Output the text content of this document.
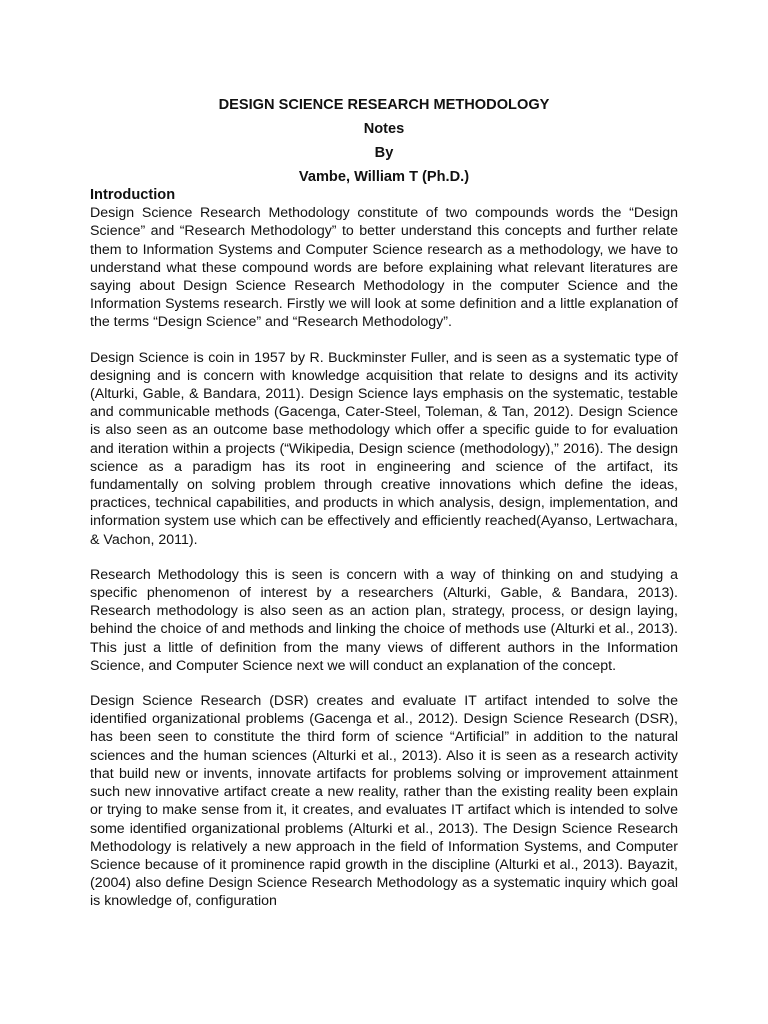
DESIGN SCIENCE RESEARCH METHODOLOGY
Notes
By
Vambe, William T (Ph.D.)
Introduction

Design Science Research Methodology constitute of two compounds words the “Design Science” and “Research Methodology” to better understand this concepts and further relate them to Information Systems and Computer Science research as a methodology, we have to understand what these compound words are before explaining what relevant literatures are saying about Design Science Research Methodology in the computer Science and the Information Systems research. Firstly we will look at some definition and a little explanation of the terms “Design Science” and “Research Methodology”.

Design Science is coin in 1957 by R. Buckminster Fuller, and is seen as a systematic type of designing and is concern with knowledge acquisition that relate to designs and its activity (Alturki, Gable, & Bandara, 2011). Design Science lays emphasis on the systematic, testable and communicable methods (Gacenga, Cater-Steel, Toleman, & Tan, 2012). Design Science is also seen as an outcome base methodology which offer a specific guide to for evaluation and iteration within a projects (“Wikipedia, Design science (methodology),” 2016). The design science as a paradigm has its root in engineering and science of the artifact, its fundamentally on solving problem through creative innovations which define the ideas, practices, technical capabilities, and products in which analysis, design, implementation, and information system use which can be effectively and efficiently reached(Ayanso, Lertwachara, & Vachon, 2011).

Research Methodology this is seen is concern with a way of thinking on and studying a specific phenomenon of interest by a researchers (Alturki, Gable, & Bandara, 2013). Research methodology is also seen as an action plan, strategy, process, or design laying, behind the choice of and methods and linking the choice of methods use (Alturki et al., 2013). This just a little of definition from the many views of different authors in the Information Science, and Computer Science next we will conduct an explanation of the concept.

Design Science Research (DSR) creates and evaluate IT artifact intended to solve the identified organizational problems (Gacenga et al., 2012). Design Science Research (DSR), has been seen to constitute the third form of science “Artificial” in addition to the natural sciences and the human sciences (Alturki et al., 2013). Also it is seen as a research activity that build new or invents, innovate artifacts for problems solving or improvement attainment such new innovative artifact create a new reality, rather than the existing reality been explain or trying to make sense from it, it creates, and evaluates IT artifact which is intended to solve some identified organizational problems (Alturki et al., 2013). The Design Science Research Methodology is relatively a new approach in the field of Information Systems, and Computer Science because of it prominence rapid growth in the discipline (Alturki et al., 2013). Bayazit, (2004) also define Design Science Research Methodology as a systematic inquiry which goal is knowledge of, configuration
